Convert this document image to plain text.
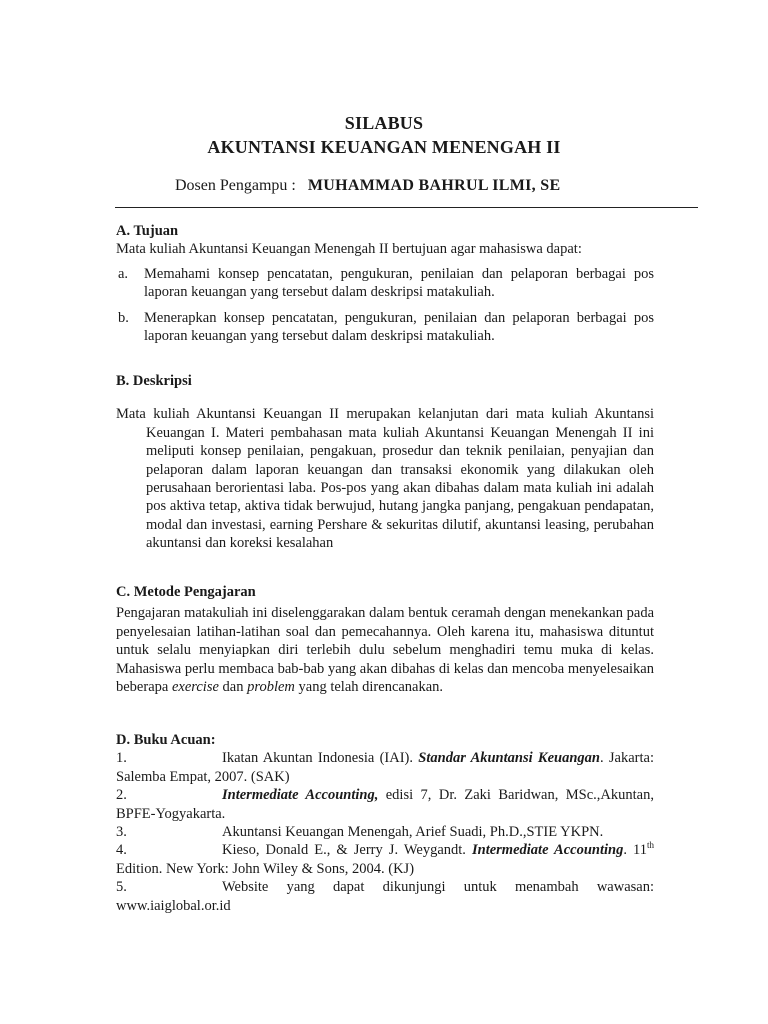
SILABUS
AKUNTANSI KEUANGAN MENENGAH II
Dosen Pengampu : MUHAMMAD BAHRUL ILMI, SE
A. Tujuan
Mata kuliah Akuntansi Keuangan Menengah II bertujuan agar mahasiswa dapat:
a. Memahami konsep pencatatan, pengukuran, penilaian dan pelaporan berbagai pos laporan keuangan yang tersebut dalam deskripsi matakuliah.
b. Menerapkan konsep pencatatan, pengukuran, penilaian dan pelaporan berbagai pos laporan keuangan yang tersebut dalam deskripsi matakuliah.
B. Deskripsi
Mata kuliah Akuntansi Keuangan II merupakan kelanjutan dari mata kuliah Akuntansi Keuangan I. Materi pembahasan mata kuliah Akuntansi Keuangan Menengah II ini meliputi konsep penilaian, pengakuan, prosedur dan teknik penilaian, penyajian dan pelaporan dalam laporan keuangan dan transaksi ekonomik yang dilakukan oleh perusahaan berorientasi laba. Pos-pos yang akan dibahas dalam mata kuliah ini adalah pos aktiva tetap, aktiva tidak berwujud, hutang jangka panjang, pengakuan pendapatan, modal dan investasi, earning Pershare & sekuritas dilutif, akuntansi leasing, perubahan akuntansi dan koreksi kesalahan
C. Metode Pengajaran
Pengajaran matakuliah ini diselenggarakan dalam bentuk ceramah dengan menekankan pada penyelesaian latihan-latihan soal dan pemecahannya. Oleh karena itu, mahasiswa dituntut untuk selalu menyiapkan diri terlebih dulu sebelum menghadiri temu muka di kelas. Mahasiswa perlu membaca bab-bab yang akan dibahas di kelas dan mencoba menyelesaikan beberapa exercise dan problem yang telah direncanakan.
D. Buku Acuan:
1.	Ikatan Akuntan Indonesia (IAI). Standar Akuntansi Keuangan. Jakarta: Salemba Empat, 2007. (SAK)
2.	Intermediate Accounting, edisi 7, Dr. Zaki Baridwan, MSc.,Akuntan, BPFE-Yogyakarta.
3.	Akuntansi Keuangan Menengah, Arief Suadi, Ph.D.,STIE YKPN.
4.	Kieso, Donald E., & Jerry J. Weygandt. Intermediate Accounting. 11th Edition. New York: John Wiley & Sons, 2004. (KJ)
5.	Website yang dapat dikunjungi untuk menambah wawasan: www.iaiglobal.or.id
